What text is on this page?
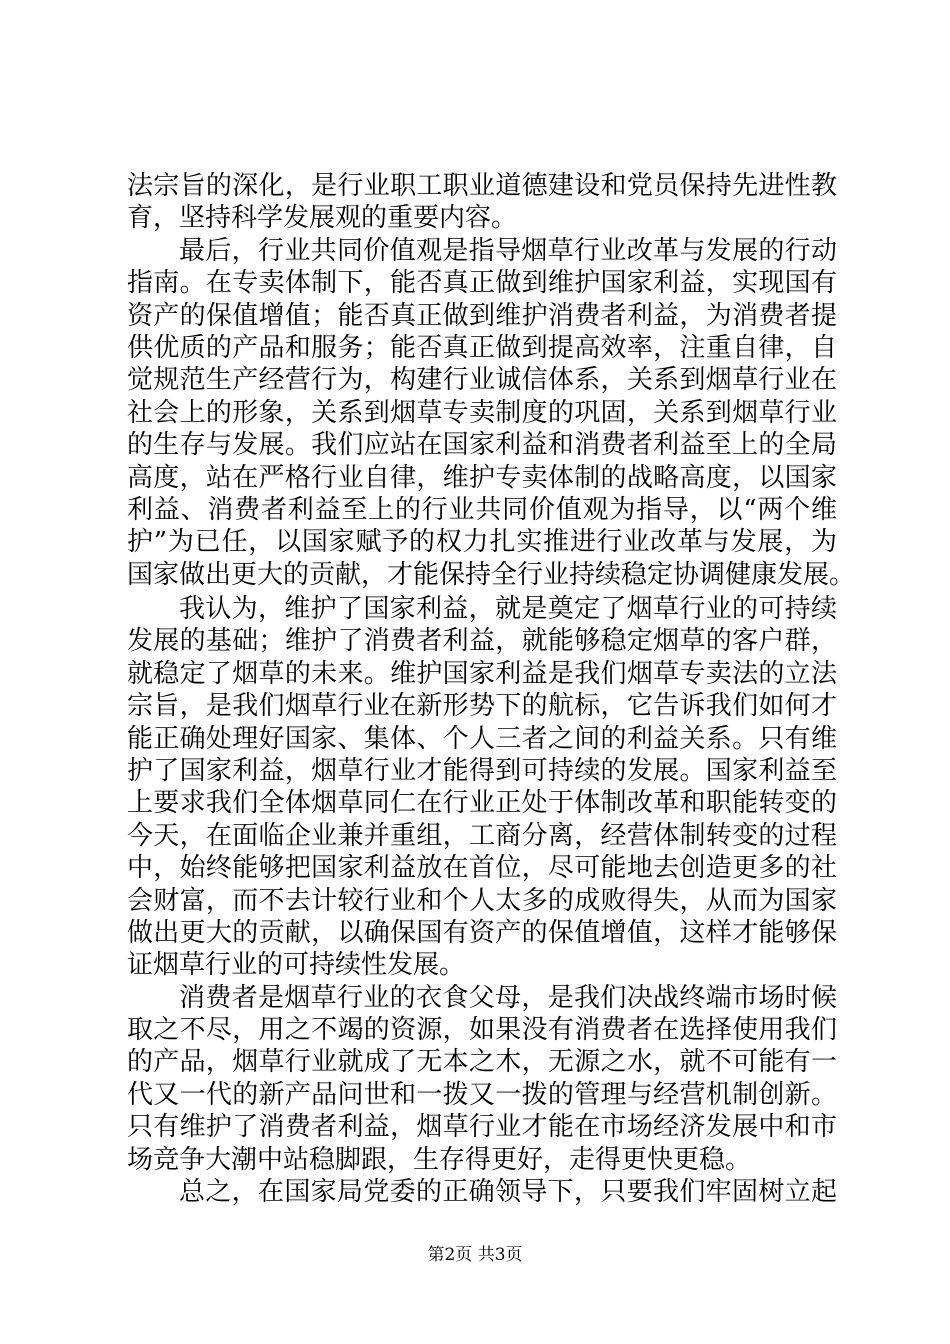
法宗旨的深化，是行业职工职业道德建设和党员保持先进性教
育，坚持科学发展观的重要内容。
最后，行业共同价值观是指导烟草行业改革与发展的行动
指南。在专卖体制下，能否真正做到维护国家利益，实现国有
资产的保值增值；能否真正做到维护消费者利益，为消费者提
供优质的产品和服务；能否真正做到提高效率，注重自律，自
觉规范生产经营行为，构建行业诚信体系，关系到烟草行业在
社会上的形象，关系到烟草专卖制度的巩固，关系到烟草行业
的生存与发展。我们应站在国家利益和消费者利益至上的全局
高度，站在严格行业自律，维护专卖体制的战略高度，以国家
利益、消费者利益至上的行业共同价值观为指导，以“两个维
护”为已任，以国家赋予的权力扎实推进行业改革与发展，为
国家做出更大的贡献，才能保持全行业持续稳定协调健康发展。
我认为，维护了国家利益，就是奠定了烟草行业的可持续
发展的基础；维护了消费者利益，就能够稳定烟草的客户群，
就稳定了烟草的未来。维护国家利益是我们烟草专卖法的立法
宗旨，是我们烟草行业在新形势下的航标，它告诉我们如何才
能正确处理好国家、集体、个人三者之间的利益关系。只有维
护了国家利益，烟草行业才能得到可持续的发展。国家利益至
上要求我们全体烟草同仁在行业正处于体制改革和职能转变的
今天，在面临企业兼并重组，工商分离，经营体制转变的过程
中，始终能够把国家利益放在首位，尽可能地去创造更多的社
会财富，而不去计较行业和个人太多的成败得失，从而为国家
做出更大的贡献，以确保国有资产的保值增值，这样才能够保
证烟草行业的可持续性发展。
消费者是烟草行业的衣食父母，是我们决战终端市场时候
取之不尽，用之不竭的资源，如果没有消费者在选择使用我们
的产品，烟草行业就成了无本之木，无源之水，就不可能有一
代又一代的新产品问世和一拨又一拨的管理与经营机制创新。
只有维护了消费者利益，烟草行业才能在市场经济发展中和市
场竞争大潮中站稳脚跟，生存得更好，走得更快更稳。
总之，在国家局党委的正确领导下，只要我们牢固树立起
第2页 共3页
